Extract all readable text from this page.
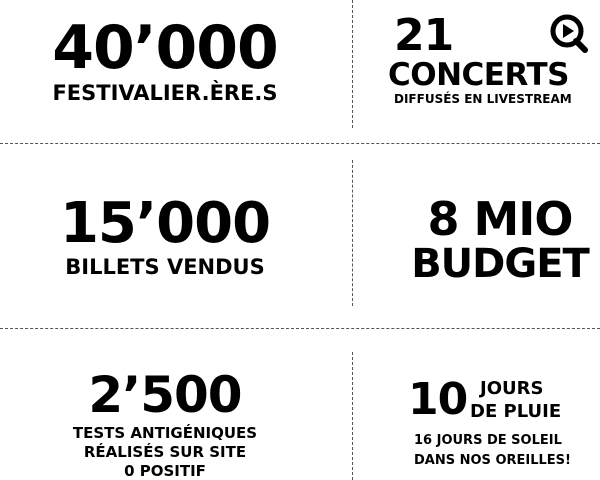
40’000
FESTIVALIER.ÈRE.S
21
CONCERTS
DIFFUSÉS EN LIVESTREAM
15’000
BILLETS VENDUS
8 MIO
BUDGET
2’500
TESTS ANTIGÉNIQUES
RÉALISÉS SUR SITE
0 POSITIF
10 JOURS
DE PLUIE
16 JOURS DE SOLEIL
DANS NOS OREILLES!
